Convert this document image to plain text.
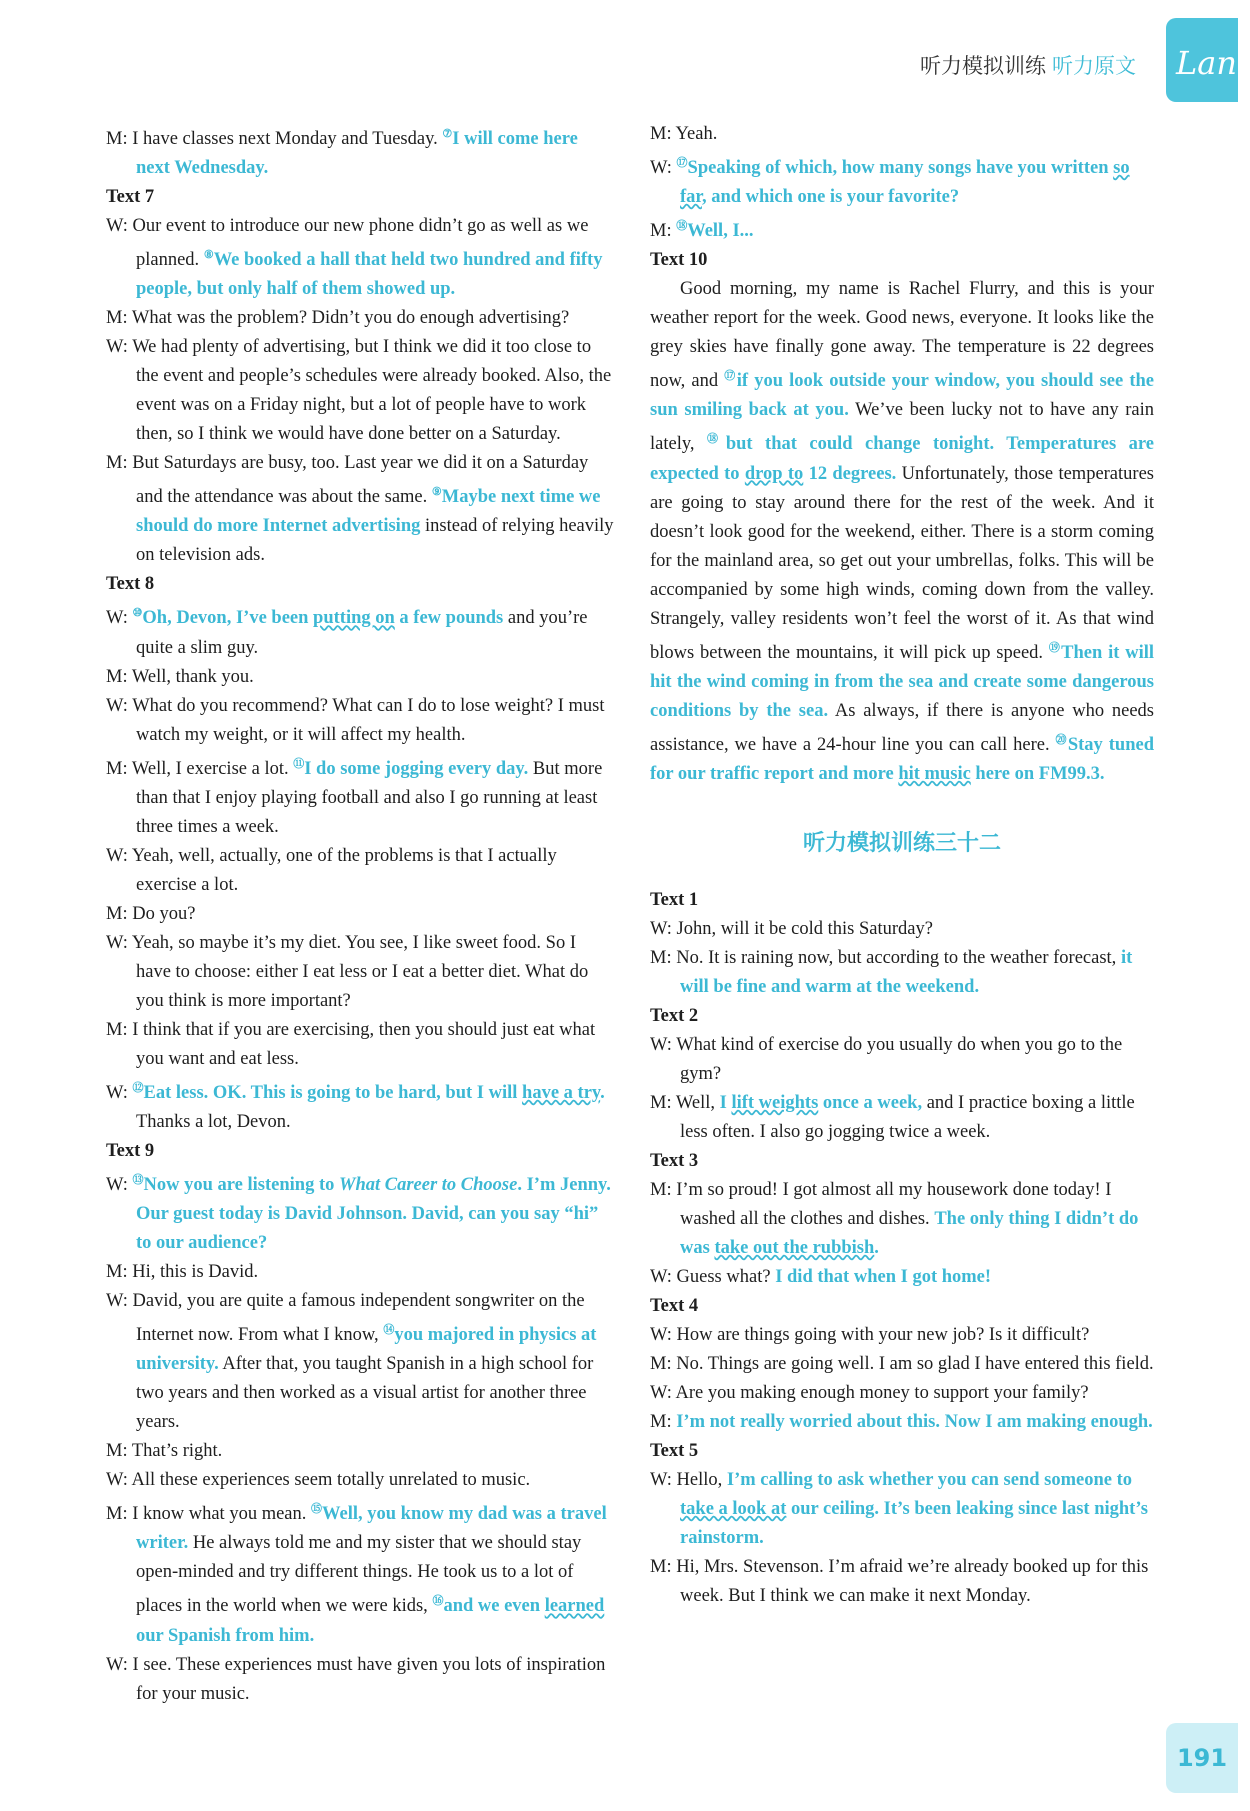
听力模拟训练 听力原文 Lan
M: I have classes next Monday and Tuesday. ⑦I will come here next Wednesday.
Text 7
W: Our event to introduce our new phone didn’t go as well as we planned. ⑧We booked a hall that held two hundred and fifty people, but only half of them showed up.
M: What was the problem? Didn’t you do enough advertising?
W: We had plenty of advertising, but I think we did it too close to the event and people’s schedules were already booked. Also, the event was on a Friday night, but a lot of people have to work then, so I think we would have done better on a Saturday.
M: But Saturdays are busy, too. Last year we did it on a Saturday and the attendance was about the same. ⑨Maybe next time we should do more Internet advertising instead of relying heavily on television ads.
Text 8
W: ⑩Oh, Devon, I’ve been putting on a few pounds and you’re quite a slim guy.
M: Well, thank you.
W: What do you recommend? What can I do to lose weight? I must watch my weight, or it will affect my health.
M: Well, I exercise a lot. ⑪I do some jogging every day. But more than that I enjoy playing football and also I go running at least three times a week.
W: Yeah, well, actually, one of the problems is that I actually exercise a lot.
M: Do you?
W: Yeah, so maybe it’s my diet. You see, I like sweet food. So I have to choose: either I eat less or I eat a better diet. What do you think is more important?
M: I think that if you are exercising, then you should just eat what you want and eat less.
W: ⑫Eat less. OK. This is going to be hard, but I will have a try. Thanks a lot, Devon.
Text 9
W: ⑬Now you are listening to What Career to Choose. I’m Jenny. Our guest today is David Johnson. David, can you say “hi” to our audience?
M: Hi, this is David.
W: David, you are quite a famous independent songwriter on the Internet now. From what I know, ⑭you majored in physics at university. After that, you taught Spanish in a high school for two years and then worked as a visual artist for another three years.
M: That’s right.
W: All these experiences seem totally unrelated to music.
M: I know what you mean. ⑮Well, you know my dad was a travel writer. He always told me and my sister that we should stay open-minded and try different things. He took us to a lot of places in the world when we were kids, ⑯and we even learned our Spanish from him.
W: I see. These experiences must have given you lots of inspiration for your music.
M: Yeah.
W: ⑰Speaking of which, how many songs have you written so far, and which one is your favorite?
M: ⑱Well, I...
Text 10
Good morning, my name is Rachel Flurry, and this is your weather report for the week. Good news, everyone. It looks like the grey skies have finally gone away. The temperature is 22 degrees now, and ⑰if you look outside your window, you should see the sun smiling back at you. We’ve been lucky not to have any rain lately, ⑱but that could change tonight. Temperatures are expected to drop to 12 degrees. Unfortunately, those temperatures are going to stay around there for the rest of the week. And it doesn’t look good for the weekend, either. There is a storm coming for the mainland area, so get out your umbrellas, folks. This will be accompanied by some high winds, coming down from the valley. Strangely, valley residents won’t feel the worst of it. As that wind blows between the mountains, it will pick up speed. ⑲Then it will hit the wind coming in from the sea and create some dangerous conditions by the sea. As always, if there is anyone who needs assistance, we have a 24-hour line you can call here. ⑳Stay tuned for our traffic report and more hit music here on FM99.3.
听力模拟训练三十二
Text 1
W: John, will it be cold this Saturday?
M: No. It is raining now, but according to the weather forecast, it will be fine and warm at the weekend.
Text 2
W: What kind of exercise do you usually do when you go to the gym?
M: Well, I lift weights once a week, and I practice boxing a little less often. I also go jogging twice a week.
Text 3
M: I’m so proud! I got almost all my housework done today! I washed all the clothes and dishes. The only thing I didn’t do was take out the rubbish.
W: Guess what? I did that when I got home!
Text 4
W: How are things going with your new job? Is it difficult?
M: No. Things are going well. I am so glad I have entered this field.
W: Are you making enough money to support your family?
M: I’m not really worried about this. Now I am making enough.
Text 5
W: Hello, I’m calling to ask whether you can send someone to take a look at our ceiling. It’s been leaking since last night’s rainstorm.
M: Hi, Mrs. Stevenson. I’m afraid we’re already booked up for this week. But I think we can make it next Monday.
191
